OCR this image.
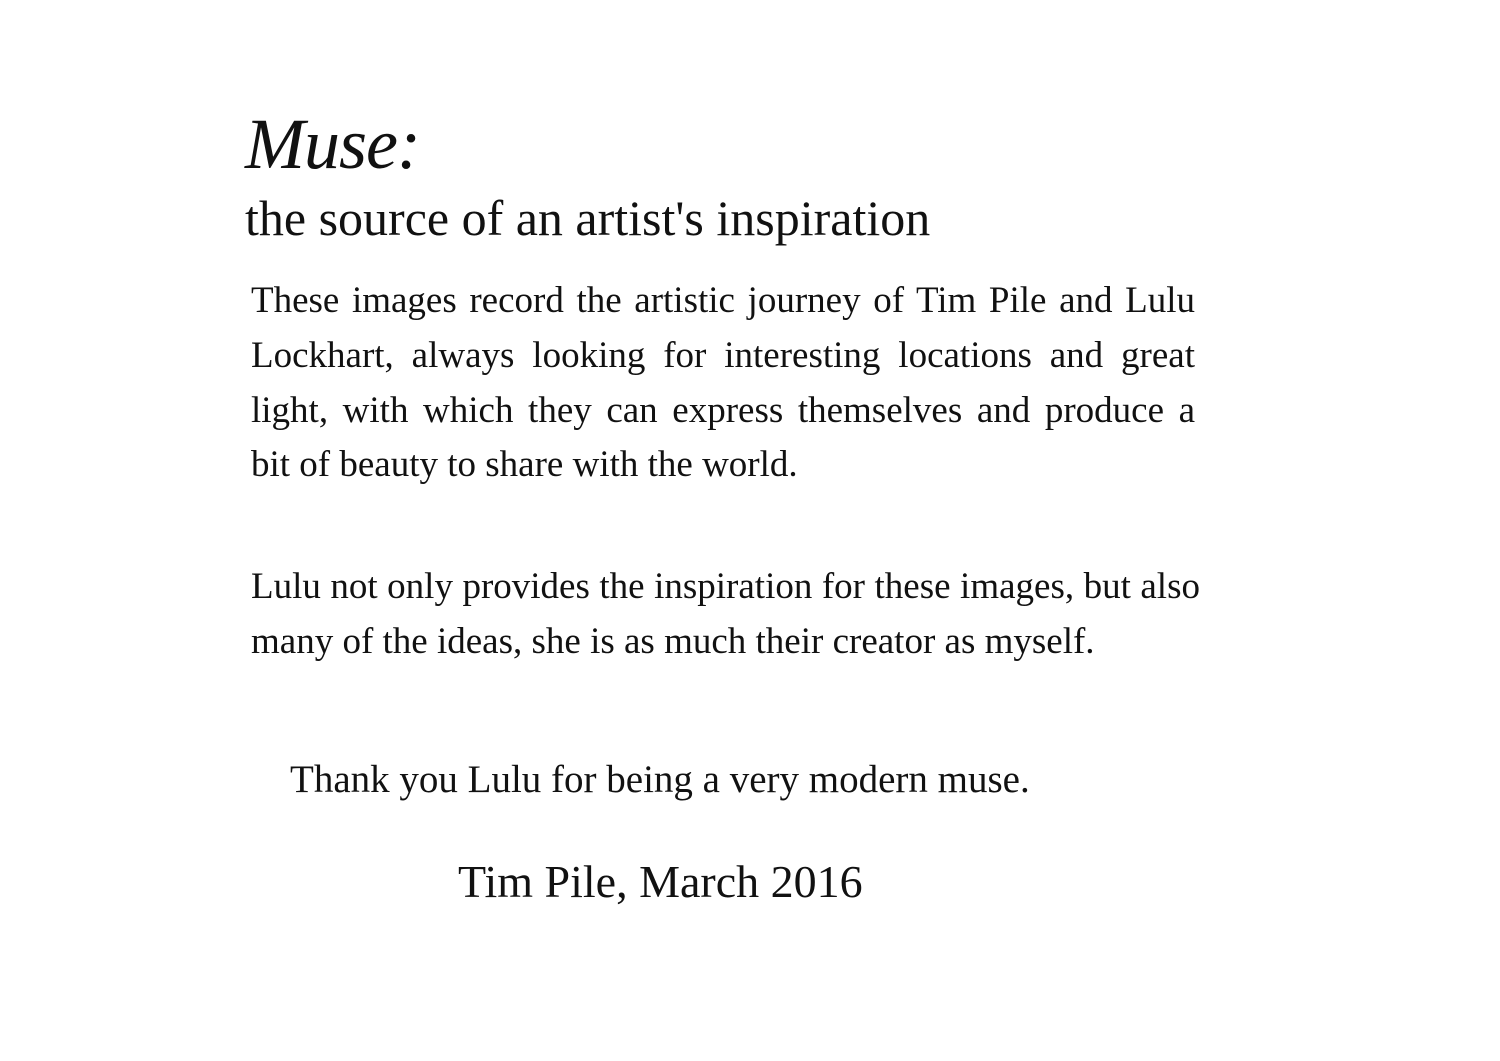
Muse:
the source of an artist's inspiration

These images record the artistic journey of Tim Pile and Lulu Lockhart, always looking for interesting locations and great light, with which they can express themselves and produce a bit of beauty to share with the world.

Lulu not only provides the inspiration for these images, but also many of the ideas, she is as much their creator as myself.

Thank you Lulu for being a very modern muse.

Tim Pile, March 2016
